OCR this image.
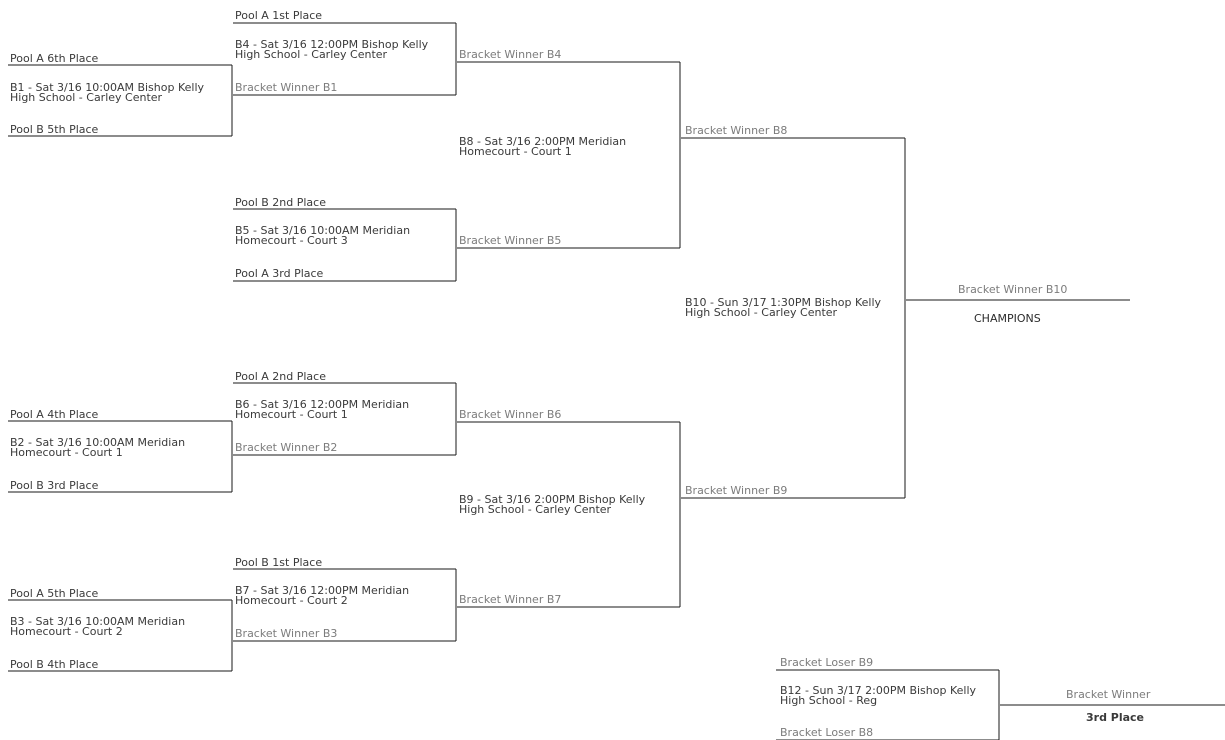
Pool A 6th Place
B1 - Sat 3/16 10:00AM Bishop Kelly
High School - Carley Center
Pool B 5th Place
Pool A 4th Place
B2 - Sat 3/16 10:00AM Meridian
Homecourt - Court 1
Pool B 3rd Place
Pool A 5th Place
B3 - Sat 3/16 10:00AM Meridian
Homecourt - Court 2
Pool B 4th Place
Pool A 1st Place
B4 - Sat 3/16 12:00PM Bishop Kelly
High School - Carley Center
Bracket Winner B1
Pool B 2nd Place
B5 - Sat 3/16 10:00AM Meridian
Homecourt - Court 3
Pool A 3rd Place
Pool A 2nd Place
B6 - Sat 3/16 12:00PM Meridian
Homecourt - Court 1
Bracket Winner B2
Pool B 1st Place
B7 - Sat 3/16 12:00PM Meridian
Homecourt - Court 2
Bracket Winner B3
Bracket Winner B4
B8 - Sat 3/16 2:00PM Meridian
Homecourt - Court 1
Bracket Winner B5
Bracket Winner B6
B9 - Sat 3/16 2:00PM Bishop Kelly
High School - Carley Center
Bracket Winner B7
Bracket Winner B8
B10 - Sun 3/17 1:30PM Bishop Kelly
High School - Carley Center
Bracket Winner B9
Bracket Winner B10
CHAMPIONS
Bracket Loser B9
B12 - Sun 3/17 2:00PM Bishop Kelly
High School - Reg
Bracket Loser B8
Bracket Winner
3rd Place
